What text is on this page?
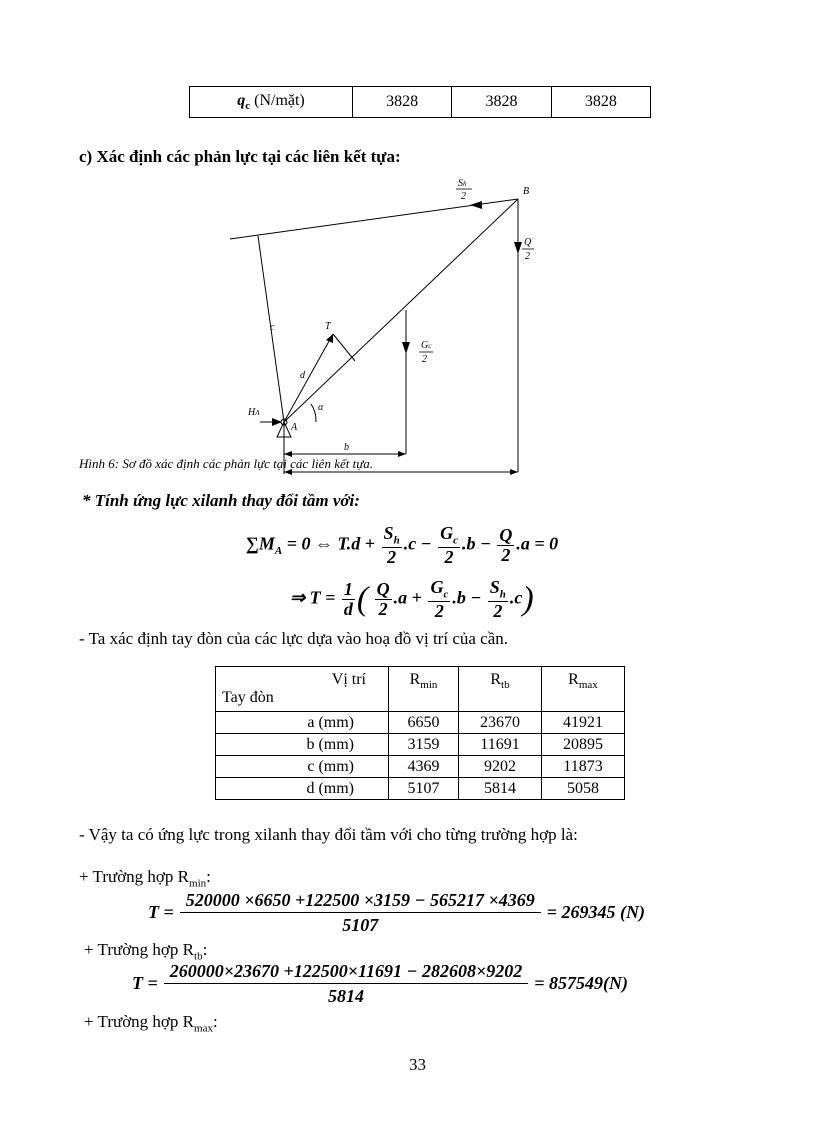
$q_c$ (N/mặt)	3828	3828	3828
c) Xác định các phản lực tại các liên kết tựa:
B
Sh
2
Q
2
Gc
2
T
d
c
α
HA
A
b
Hình 6: Sơ đồ xác định các phản lực tại các liên kết tựa.
* Tính ứng lực xilanh thay đổi tầm với:
$\sum M_A = 0$ ⇔ $T.d + \frac{S_h}{2} .c - \frac{G_c}{2} .b - \frac{Q}{2} .a = 0$
⇒ $T = \frac{1}{d}$ ( $\frac{Q}{2} .a + \frac{G_c}{2} .b - \frac{S_h}{2} .c$)
- Ta xác định tay đòn của các lực dựa vào hoạ đồ vị trí của cần.
Vị trí
Tay đòn	$R_{min}$	$R_{tb}$	$R_{max}$
a (mm)	6650	23670	41921
b (mm)	3159	11691	20895
c (mm)	4369	9202	11873
d (mm)	5107	5814	5058
- Vậy ta có ứng lực trong xilanh thay đổi tầm với cho từng trường hợp là:
+ Trường hợp $R_{min}$:
$T = \frac{520000 \times 6650 +122500 \times 3159 - 565217 \times 4369}{5107} = 269345$ (N)
+ Trường hợp $R_{tb}$:
$T = \frac{260000\times 23670 +122500\times 11691 - 282608\times 9202}{5814} = 857549(N)$
+ Trường hợp $R_{max}$:
33
